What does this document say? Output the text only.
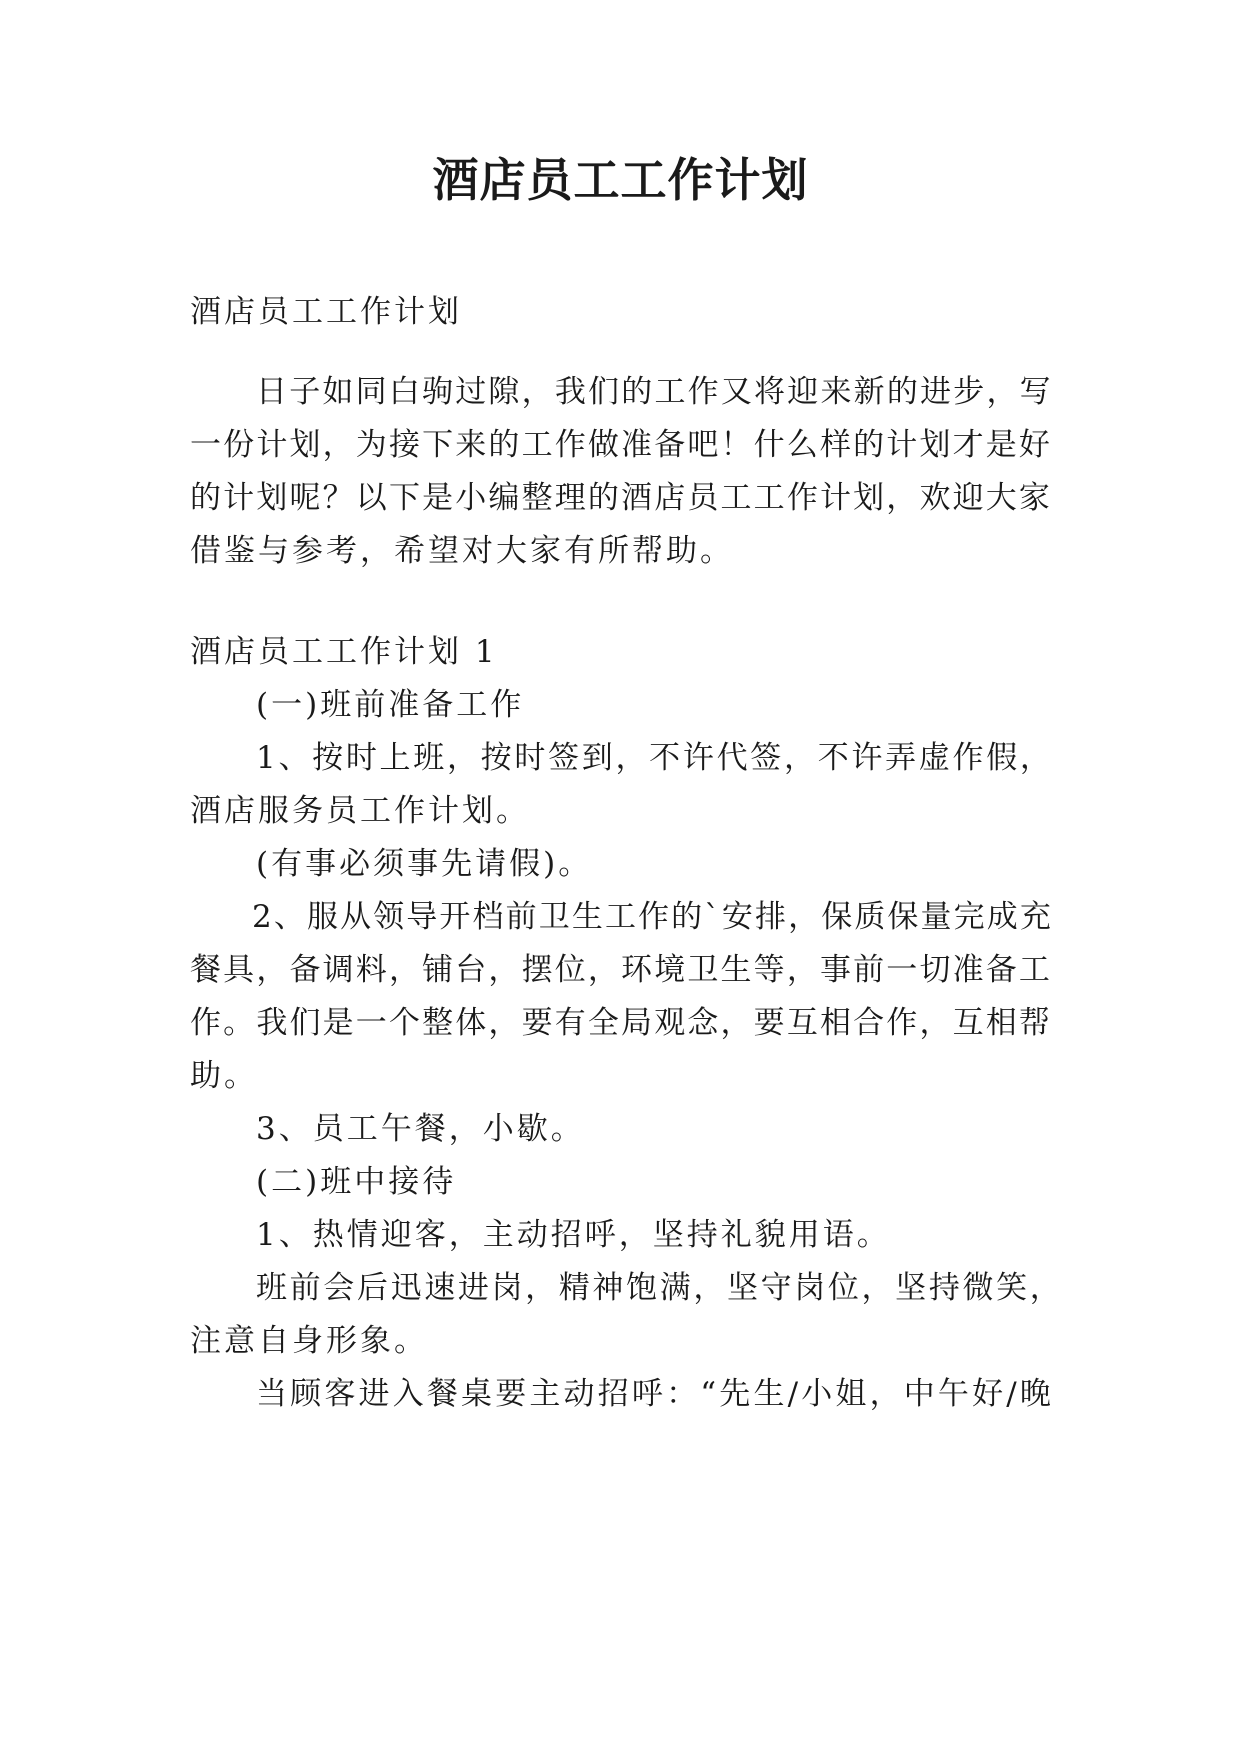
酒店员工工作计划
酒店员工工作计划
日 子 如 同 白 驹 过 隙 ， 我 们 的 工 作 又 将 迎 来 新 的 进 步 ， 写
一 份 计 划 ， 为 接 下 来 的 工 作 做 准 备 吧 ！ 什 么 样 的 计 划 才 是 好
的 计 划 呢 ？ 以 下 是 小 编 整 理 的 酒 店 员 工 工 作 计 划 ， 欢 迎 大 家
借鉴与参考，希望对大家有所帮助。
酒店员工工作计划 1
(一)班前准备工作
1 、 按 时 上 班 ， 按 时 签 到 ， 不 许 代 签 ， 不 许 弄 虚 作 假 ，
酒店服务员工作计划。
(有事必须事先请假)。
2 、 服 从 领 导 开 档 前 卫 生 工 作 的 ` 安 排 ， 保 质 保 量 完 成 充
餐 具 ， 备 调 料 ， 铺 台 ， 摆 位 ， 环 境 卫 生 等 ， 事 前 一 切 准 备 工
作 。 我 们 是 一 个 整 体 ， 要 有 全 局 观 念 ， 要 互 相 合 作 ， 互 相 帮
助。
3、员工午餐，小歇。
(二)班中接待
1、热情迎客，主动招呼，坚持礼貌用语。
班 前 会 后 迅 速 进 岗 ， 精 神 饱 满 ， 坚 守 岗 位 ， 坚 持 微 笑 ，
注意自身形象。
当 顾 客 进 入 餐 桌 要 主 动 招 呼 ： “ 先 生 / 小 姐 ， 中 午 好 / 晚
